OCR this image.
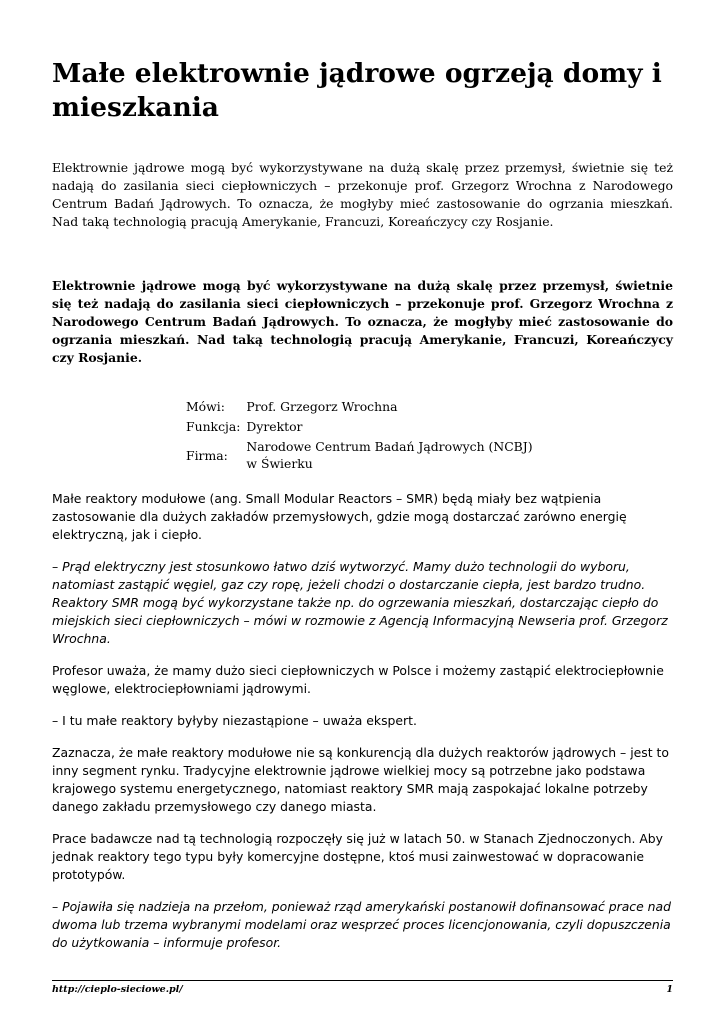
Małe elektrownie jądrowe ogrzeją domy i mieszkania

Elektrownie jądrowe mogą być wykorzystywane na dużą skalę przez przemysł, świetnie się też nadają do zasilania sieci ciepłowniczych – przekonuje prof. Grzegorz Wrochna z Narodowego Centrum Badań Jądrowych. To oznacza, że mogłyby mieć zastosowanie do ogrzania mieszkań. Nad taką technologią pracują Amerykanie, Francuzi, Koreańczycy czy Rosjanie.

Elektrownie jądrowe mogą być wykorzystywane na dużą skalę przez przemysł, świetnie się też nadają do zasilania sieci ciepłowniczych – przekonuje prof. Grzegorz Wrochna z Narodowego Centrum Badań Jądrowych. To oznacza, że mogłyby mieć zastosowanie do ogrzania mieszkań. Nad taką technologią pracują Amerykanie, Francuzi, Koreańczycy czy Rosjanie.

Mówi:	Prof. Grzegorz Wrochna
Funkcja:	Dyrektor
Firma:	Narodowe Centrum Badań Jądrowych (NCBJ)
w Świerku

Małe reaktory modułowe (ang. Small Modular Reactors – SMR) będą miały bez wątpienia zastosowanie dla dużych zakładów przemysłowych, gdzie mogą dostarczać zarówno energię elektryczną, jak i ciepło.

– Prąd elektryczny jest stosunkowo łatwo dziś wytworzyć. Mamy dużo technologii do wyboru, natomiast zastąpić węgiel, gaz czy ropę, jeżeli chodzi o dostarczanie ciepła, jest bardzo trudno. Reaktory SMR mogą być wykorzystane także np. do ogrzewania mieszkań, dostarczając ciepło do miejskich sieci ciepłowniczych – mówi w rozmowie z Agencją Informacyjną Newseria prof. Grzegorz Wrochna.

Profesor uważa, że mamy dużo sieci ciepłowniczych w Polsce i możemy zastąpić elektrociepłownie węglowe, elektrociepłowniami jądrowymi.

– I tu małe reaktory byłyby niezastąpione – uważa ekspert.

Zaznacza, że małe reaktory modułowe nie są konkurencją dla dużych reaktorów jądrowych – jest to inny segment rynku. Tradycyjne elektrownie jądrowe wielkiej mocy są potrzebne jako podstawa krajowego systemu energetycznego, natomiast reaktory SMR mają zaspokajać lokalne potrzeby danego zakładu przemysłowego czy danego miasta.

Prace badawcze nad tą technologią rozpoczęły się już w latach 50. w Stanach Zjednoczonych. Aby jednak reaktory tego typu były komercyjne dostępne, ktoś musi zainwestować w dopracowanie prototypów.

– Pojawiła się nadzieja na przełom, ponieważ rząd amerykański postanowił dofinansować prace nad dwoma lub trzema wybranymi modelami oraz wesprzeć proces licencjonowania, czyli dopuszczenia do użytkowania – informuje profesor.

http://cieplo-sieciowe.pl/	1
